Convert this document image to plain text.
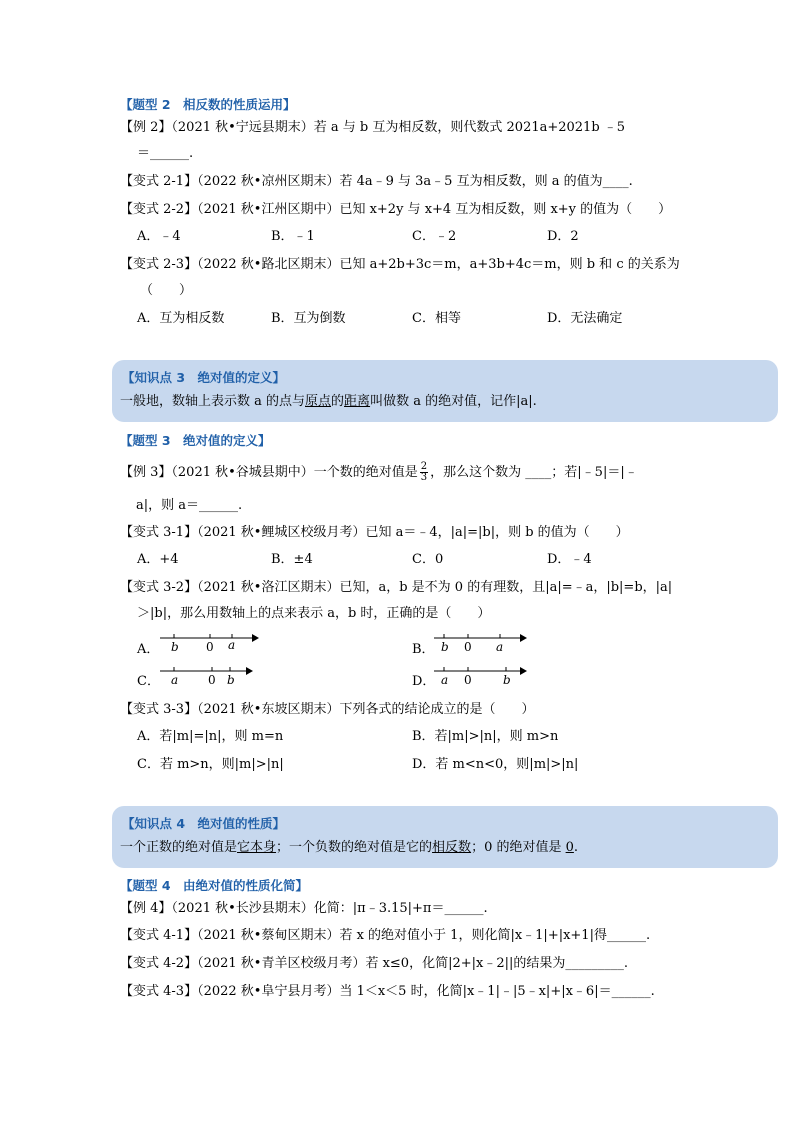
【题型 2　相反数的性质运用】
【例 2】（2021 秋•宁远县期末）若 a 与 b 互为相反数，则代数式 2021a+2021b ﹣5
＝______.
【变式 2-1】（2022 秋•凉州区期末）若 4a﹣9 与 3a﹣5 互为相反数，则 a 的值为____.
【变式 2-2】（2021 秋•江州区期中）已知 x+2y 与 x+4 互为相反数，则 x+y 的值为（　　）
A．﹣4	B．﹣1	C．﹣2	D．2
【变式 2-3】（2022 秋•路北区期末）已知 a+2b+3c＝m，a+3b+4c＝m，则 b 和 c 的关系为
（　　）
A．互为相反数	B．互为倒数	C．相等	D．无法确定
【知识点 3　绝对值的定义】
一般地，数轴上表示数 a 的点与原点的距离叫做数 a 的绝对值，记作|a|.
【题型 3　绝对值的定义】
【例 3】（2021 秋•谷城县期中）一个数的绝对值是 $\frac{2}{3}$ ，那么这个数为 ____；若|﹣5|＝|﹣
a|，则 a＝______.
【变式 3-1】（2021 秋•鲤城区校级月考）已知 a＝﹣4，|a|=|b|，则 b 的值为（　　）
A．+4	B．±4	C．0	D．﹣4
【变式 3-2】（2021 秋•洛江区期末）已知，a，b 是不为 0 的有理数，且|a|=﹣a，|b|=b，|a|
＞|b|，那么用数轴上的点来表示 a，b 时，正确的是（　　）
A． b 0 a	B． b 0 a
C． a 0 b	D． a 0	b
【变式 3-3】（2021 秋•东坡区期末）下列各式的结论成立的是（　　）
A．若|m|=|n|，则 m=n	B．若|m|>|n|，则 m>n
C．若 m>n，则|m|>|n|	D．若 m<n<0，则|m|>|n|
【知识点 4　绝对值的性质】
一个正数的绝对值是它本身；一个负数的绝对值是它的相反数；0 的绝对值是 0.
【题型 4　由绝对值的性质化简】
【例 4】（2021 秋•长沙县期末）化简：|π﹣3.15|+π＝______.
【变式 4-1】（2021 秋•蔡甸区期末）若 x 的绝对值小于 1，则化简|x﹣1|+|x+1|得______.
【变式 4-2】（2021 秋•青羊区校级月考）若 x≤0，化简|2+|x﹣2||的结果为_________.
【变式 4-3】（2022 秋•阜宁县月考）当 1＜x＜5 时，化简|x﹣1|﹣|5﹣x|+|x﹣6|＝______.
